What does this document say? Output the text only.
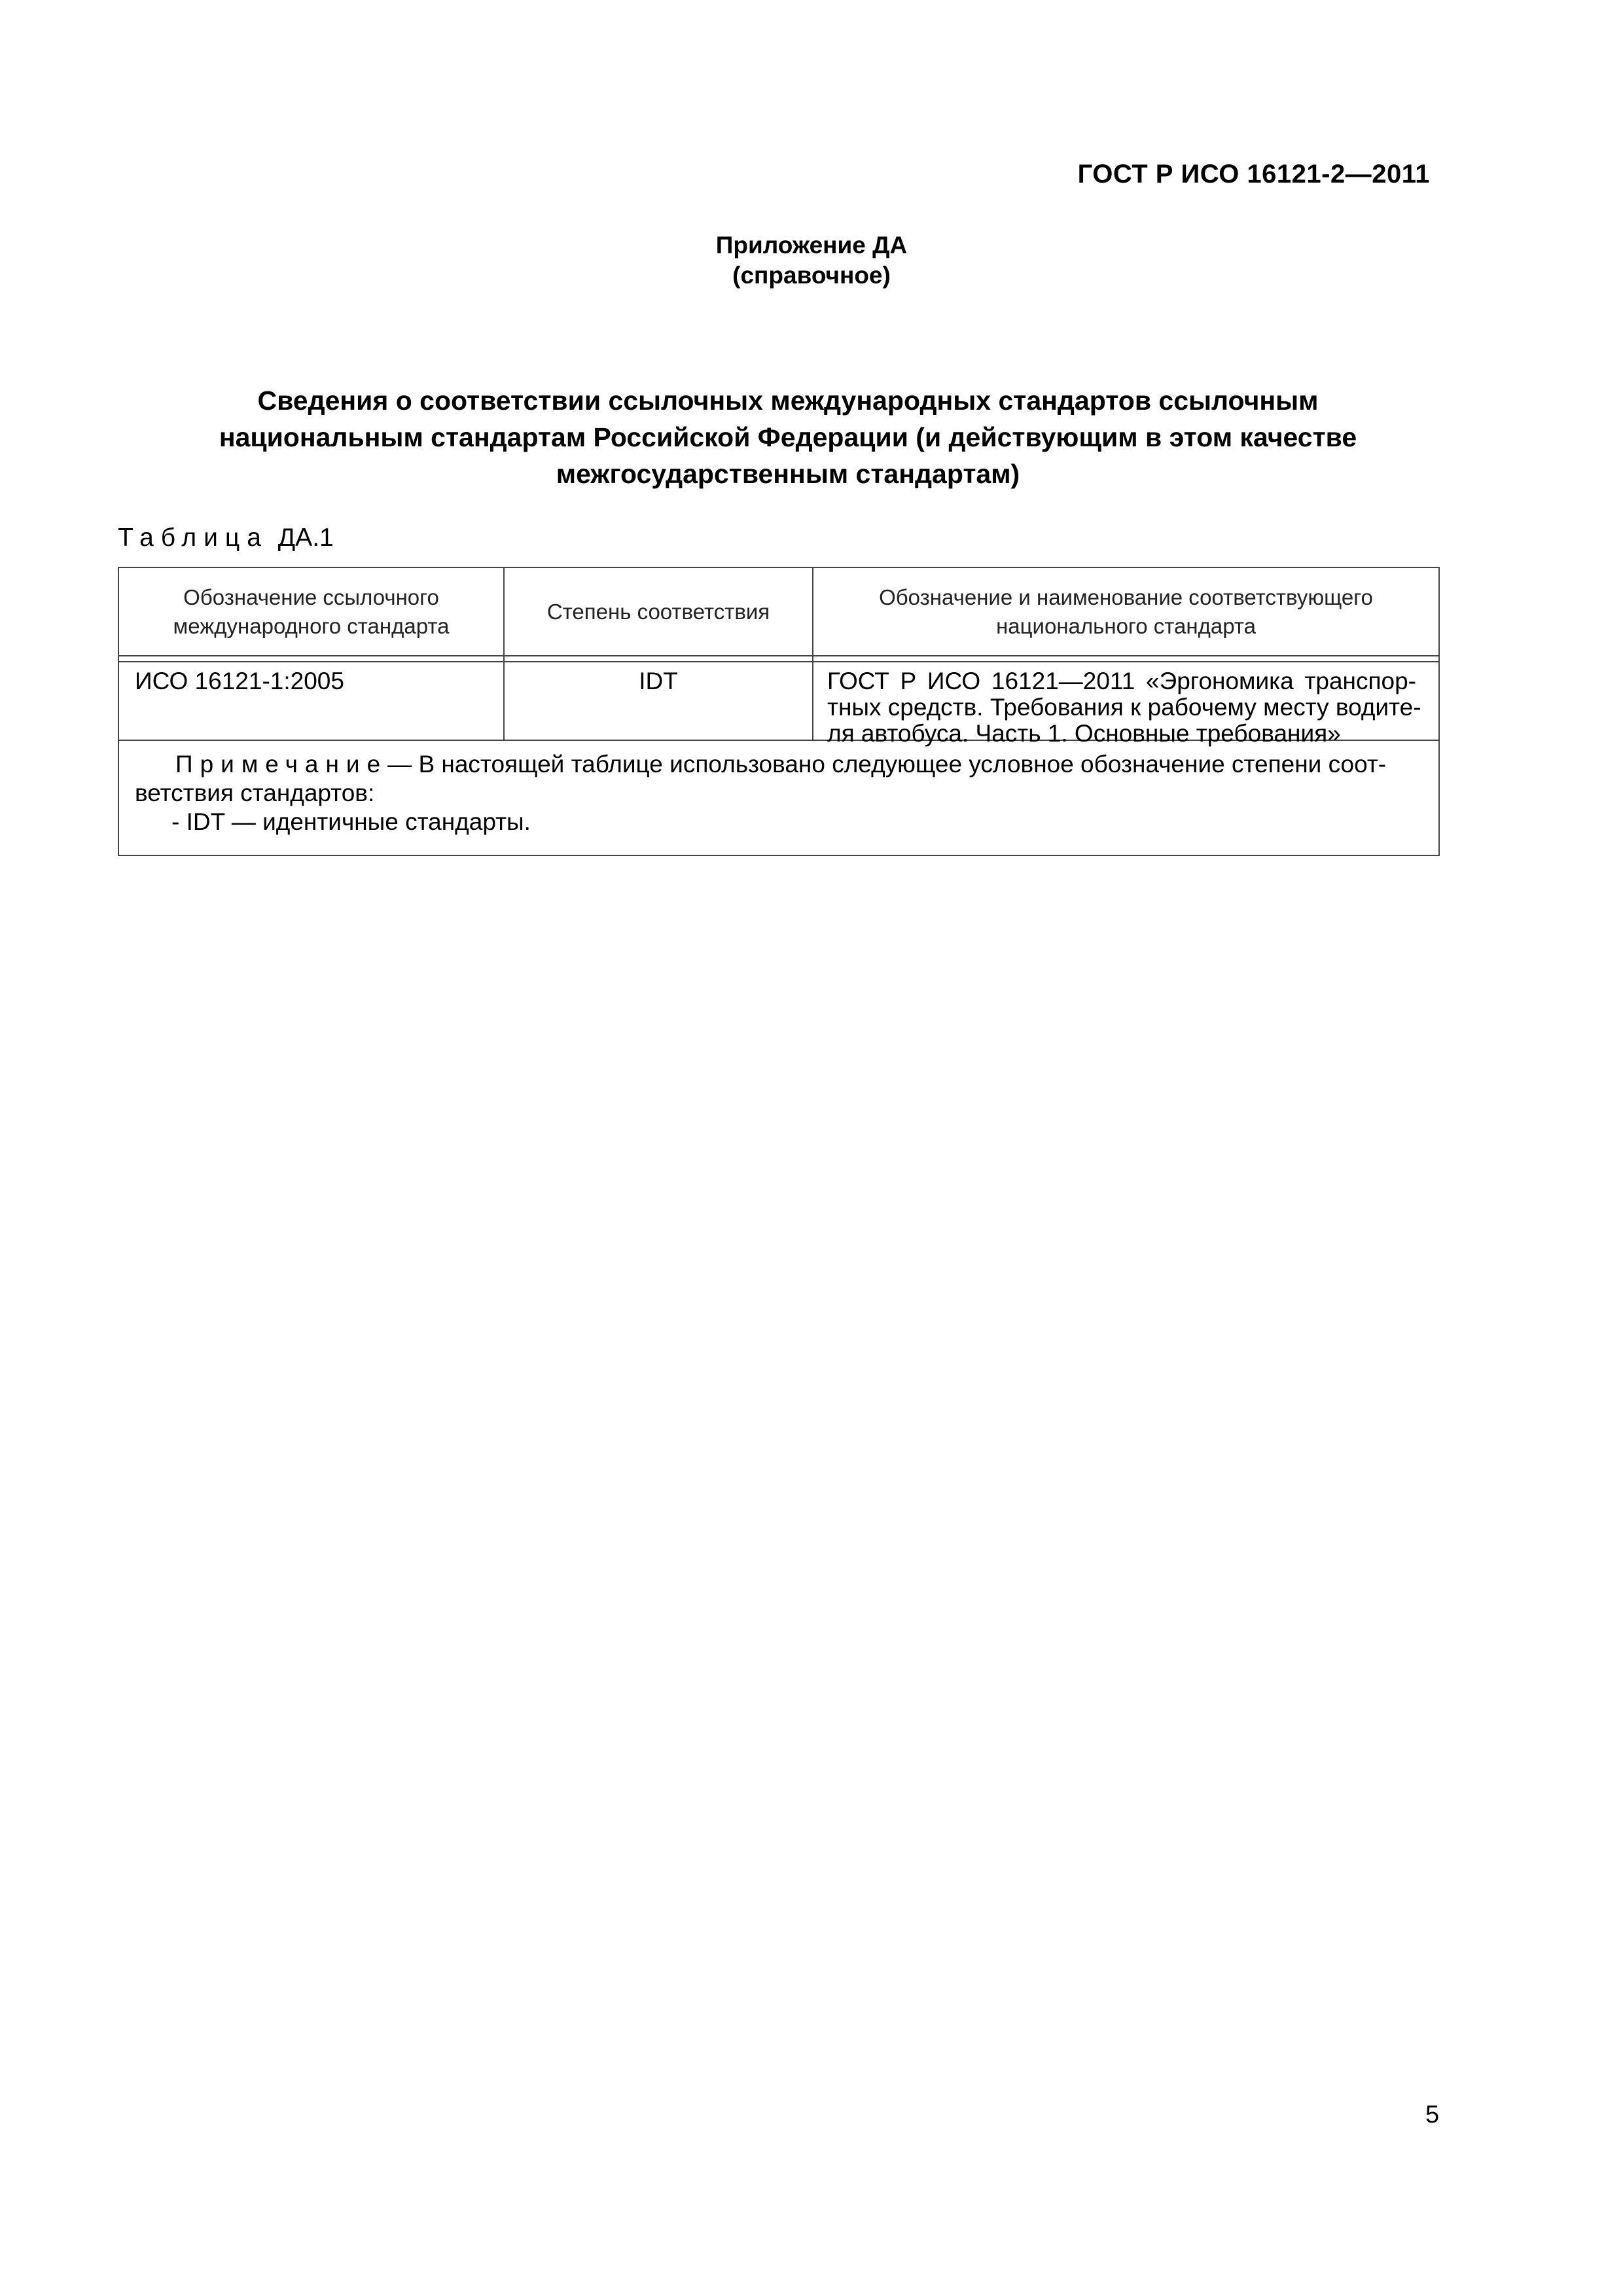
ГОСТ Р ИСО 16121-2—2011
Приложение ДА
(справочное)
Сведения о соответствии ссылочных международных стандартов ссылочным
национальным стандартам Российской Федерации (и действующим в этом качестве
межгосударственным стандартам)
Таблица ДА.1
Обозначение ссылочного
международного стандарта
Степень соответствия
Обозначение и наименование соответствующего
национального стандарта
ИСО 16121-1:2005	IDT	ГОСТ Р ИСО 16121—2011 «Эргономика транспор-
тных средств. Требования к рабочему месту водите-
ля автобуса. Часть 1. Основные требования»
Примечание— В настоящей таблице использовано следующее условное обозначение степени соот-
ветствия стандартов:
- IDT — идентичные стандарты.
5
